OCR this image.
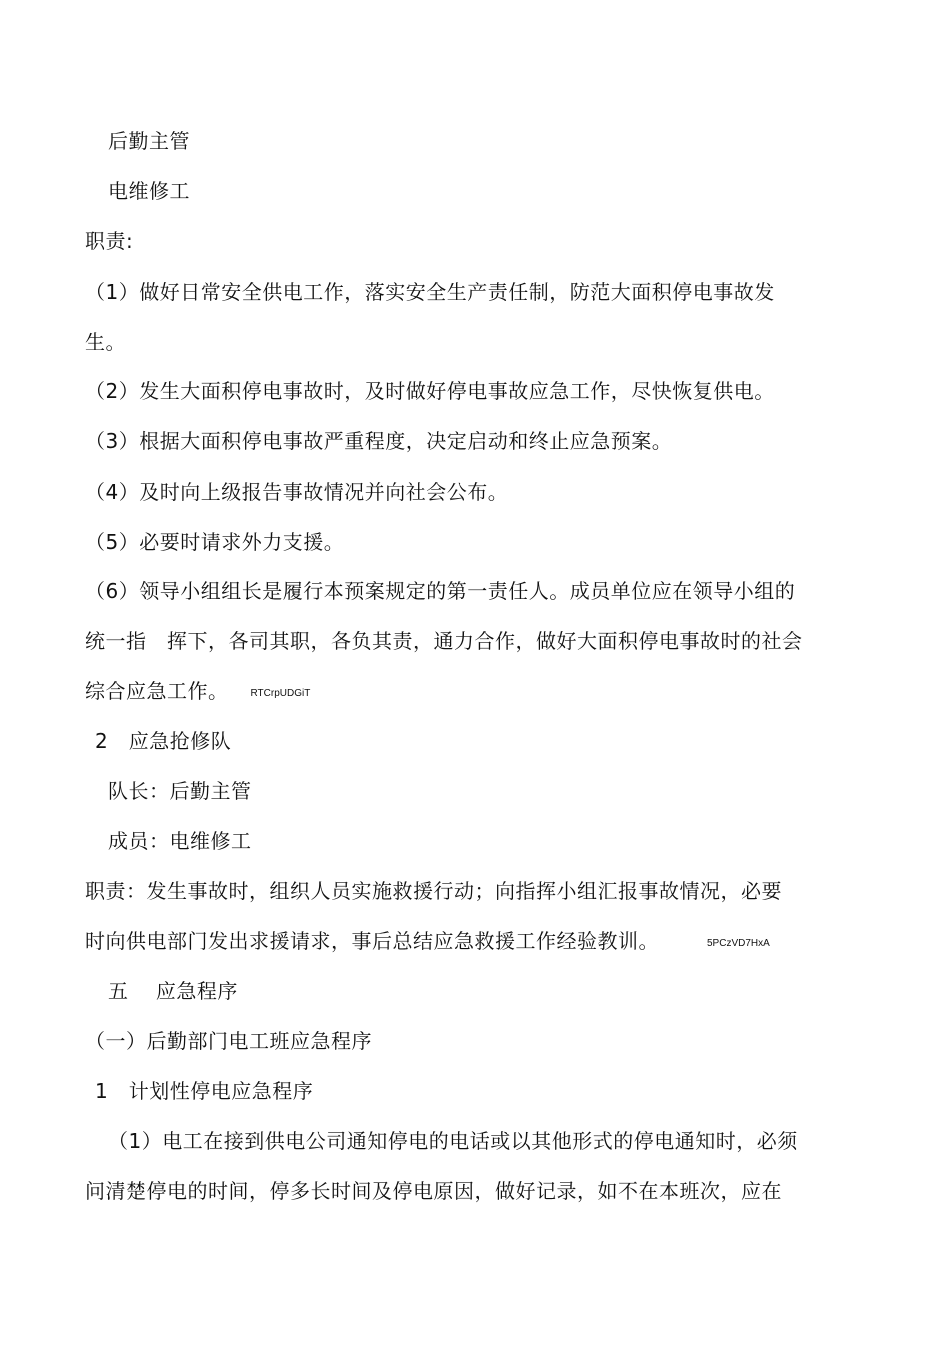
后勤主管
电维修工
职责:
（1）做好日常安全供电工作，落实安全生产责任制，防范大面积停电事故发
生。
（2）发生大面积停电事故时，及时做好停电事故应急工作，尽快恢复供电。
（3）根据大面积停电事故严重程度，决定启动和终止应急预案。
（4）及时向上级报告事故情况并向社会公布。
（5）必要时请求外力支援。
（6）领导小组组长是履行本预案规定的第一责任人。成员单位应在领导小组的
统一指　挥下，各司其职，各负其责，通力合作，做好大面积停电事故时的社会
综合应急工作。 RTCrpUDGiT
2　应急抢修队
队长：后勤主管
成员：电维修工
职责：发生事故时，组织人员实施救援行动；向指挥小组汇报事故情况，必要
时向供电部门发出求援请求，事后总结应急救援工作经验教训。	5PCzVD7HxA
五　 应急程序
（一）后勤部门电工班应急程序
1　计划性停电应急程序
（1）电工在接到供电公司通知停电的电话或以其他形式的停电通知时，必须
问清楚停电的时间，停多长时间及停电原因，做好记录，如不在本班次，应在
